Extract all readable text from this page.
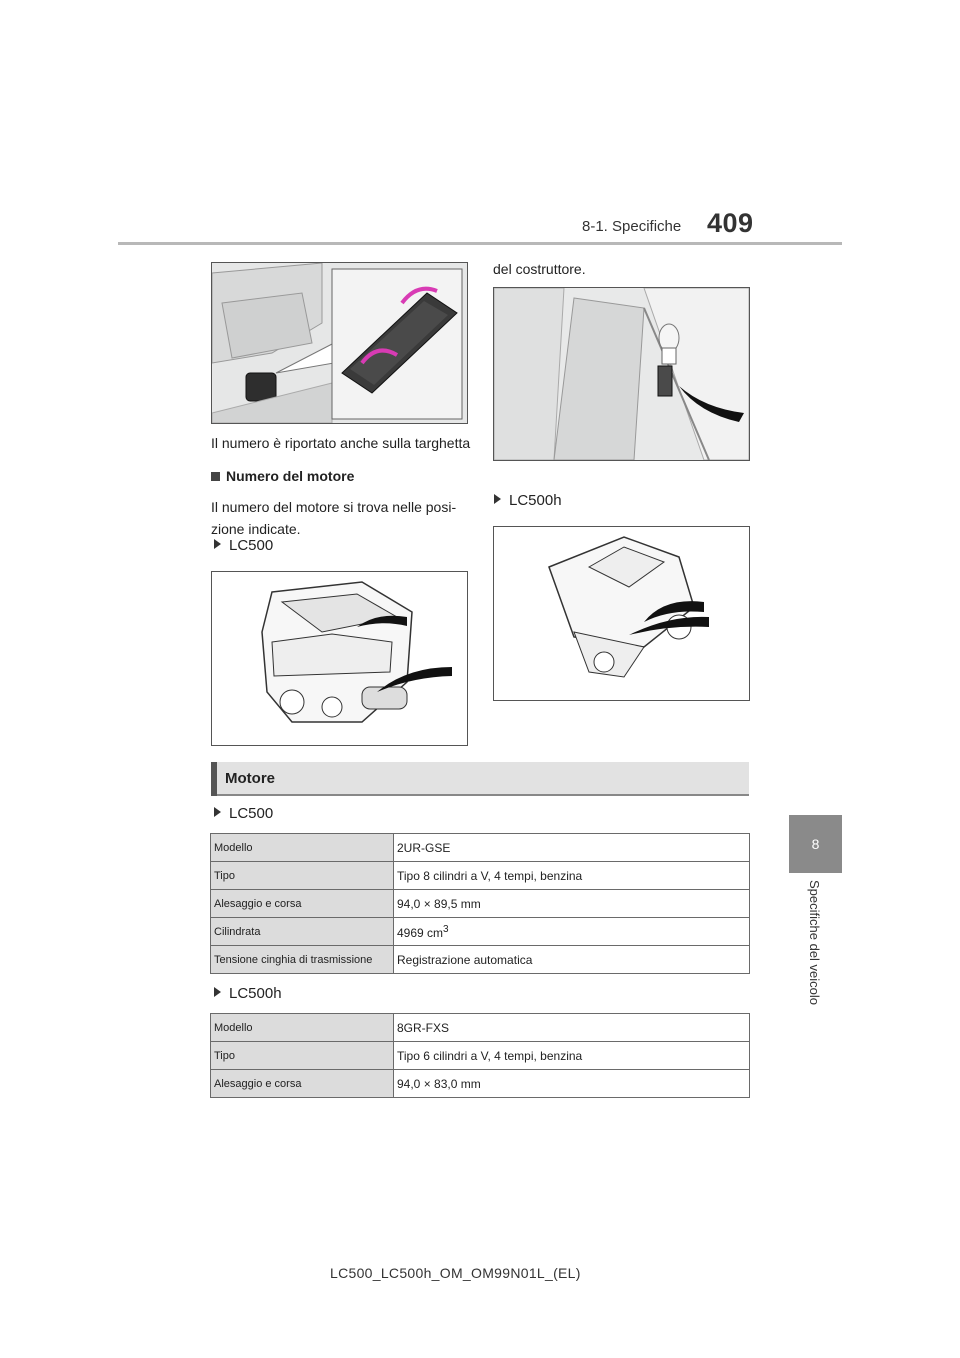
8-1. Specifiche 409
8
Specifiche del veicolo
Il numero è riportato anche sulla targhetta
Numero del motore
Il numero del motore si trova nelle posi-
zione indicate.
LC500
del costruttore.
LC500h
Motore
LC500
Modello	2UR-GSE
Tipo	Tipo 8 cilindri a V, 4 tempi, benzina
Alesaggio e corsa	94,0 × 89,5 mm
Cilindrata	4969 $cm^3$
Tensione cinghia di trasmissione	Registrazione automatica
LC500h
Modello	8GR-FXS
Tipo	Tipo 6 cilindri a V, 4 tempi, benzina
Alesaggio e corsa	94,0 × 83,0 mm
LC500_LC500h_OM_OM99N01L_(EL)
